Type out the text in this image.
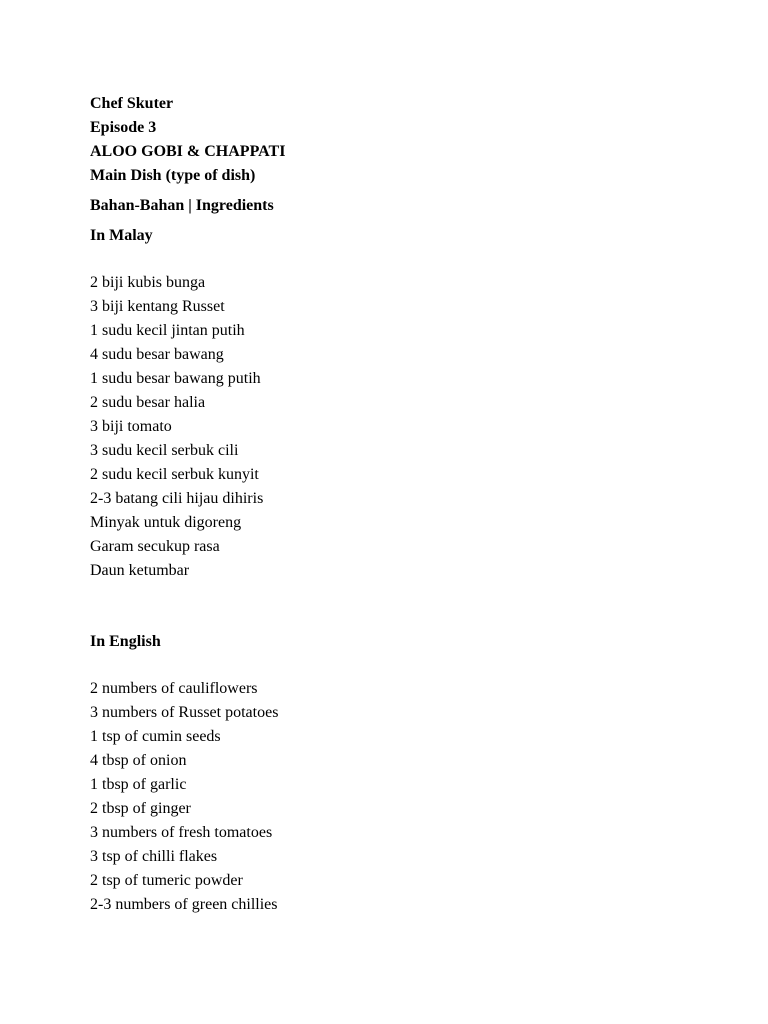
Chef Skuter
Episode 3
ALOO GOBI & CHAPPATI
Main Dish (type of dish)
Bahan-Bahan | Ingredients
In Malay
2 biji kubis bunga
3 biji kentang Russet
1 sudu kecil jintan putih
4 sudu besar bawang
1 sudu besar bawang putih
2 sudu besar halia
3 biji tomato
3 sudu kecil serbuk cili
2 sudu kecil serbuk kunyit
2-3 batang cili hijau dihiris
Minyak untuk digoreng
Garam secukup rasa
Daun ketumbar
In English
2 numbers of cauliflowers
3 numbers of Russet potatoes
1 tsp of cumin seeds
4 tbsp of onion
1 tbsp of garlic
2 tbsp of ginger
3 numbers of fresh tomatoes
3 tsp of chilli flakes
2 tsp of tumeric powder
2-3 numbers of green chillies
